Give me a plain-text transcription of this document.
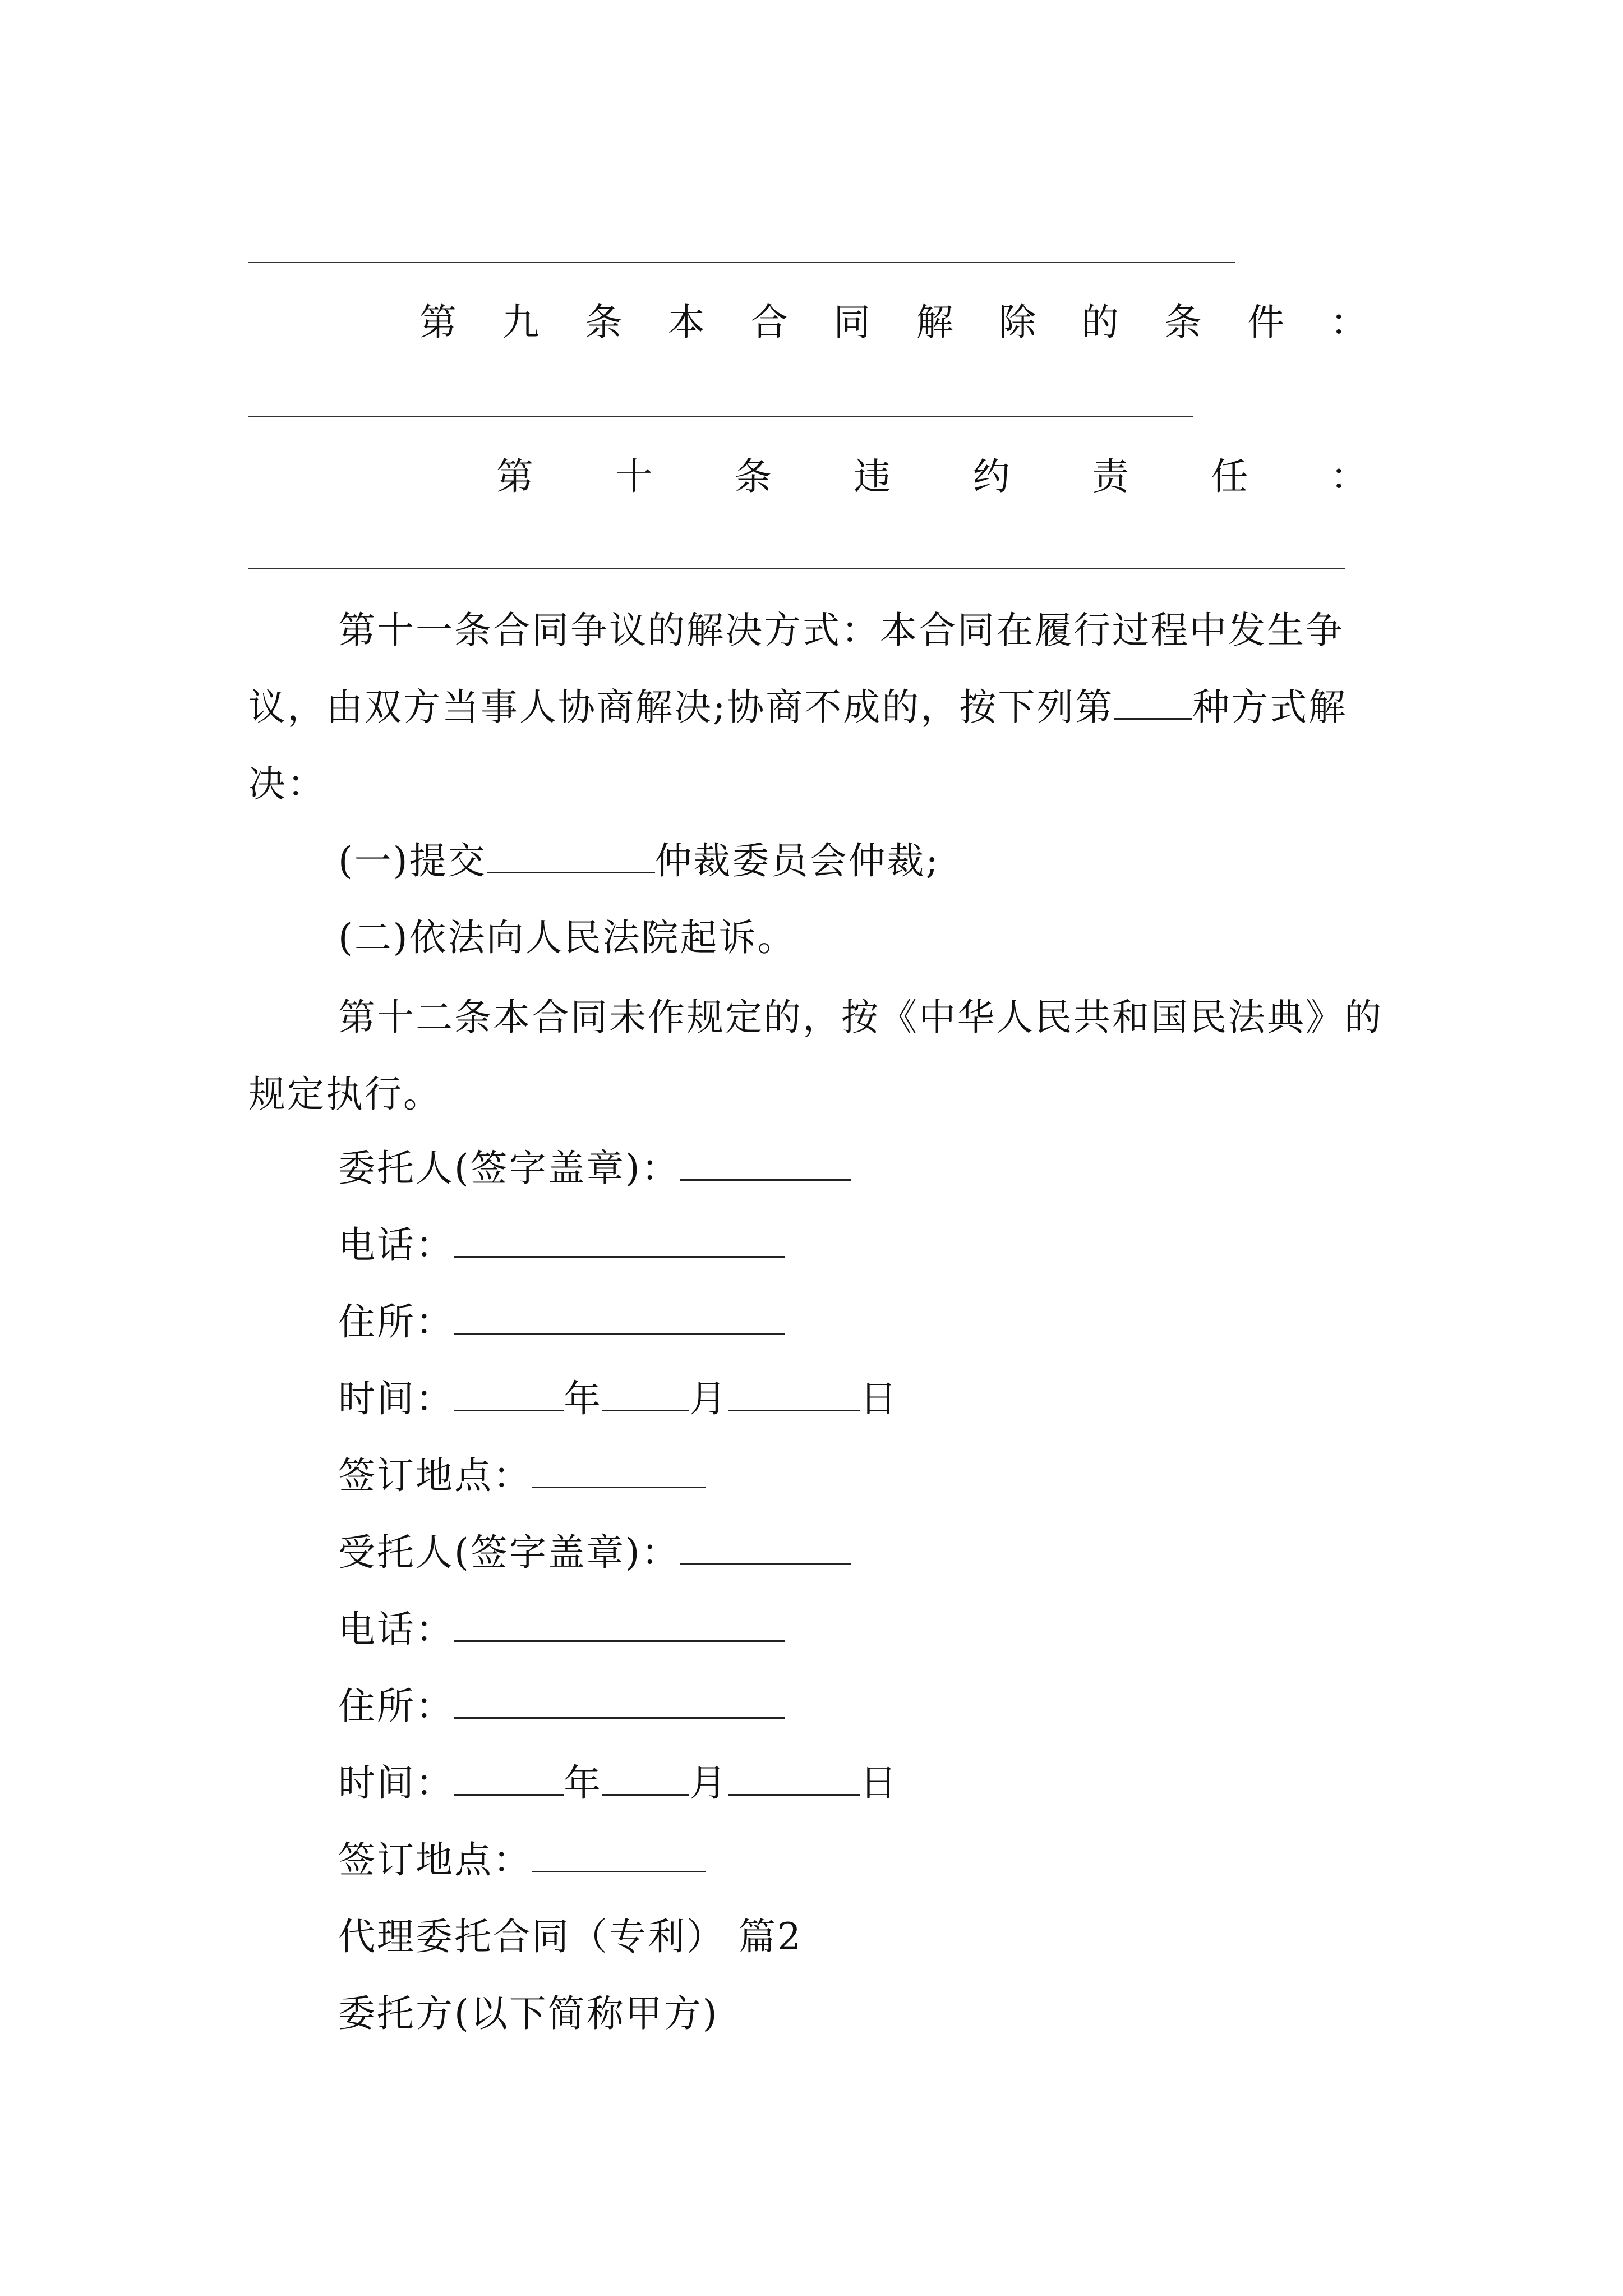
第 九 条 本 合 同 解 除 的 条 件 ：
第 十 条 违 约 责 任 ：

第十一条合同争议的解决方式：本合同在履行过程中发生争议，由双方当事人协商解决;协商不成的，按下列第 种方式解决：

(一)提交	仲裁委员会仲裁;
(二)依法向人民法院起诉。

第十二条本合同未作规定的，按《中华人民共和国民法典》的规定执行。

委托人(签字盖章)：
电话：
住所：
时间：	年 月	日
签订地点：
受托人(签字盖章)：
电话：
住所：
时间：	年 月	日
签订地点：
代理委托合同（专利） 篇2
委托方(以下简称甲方)
